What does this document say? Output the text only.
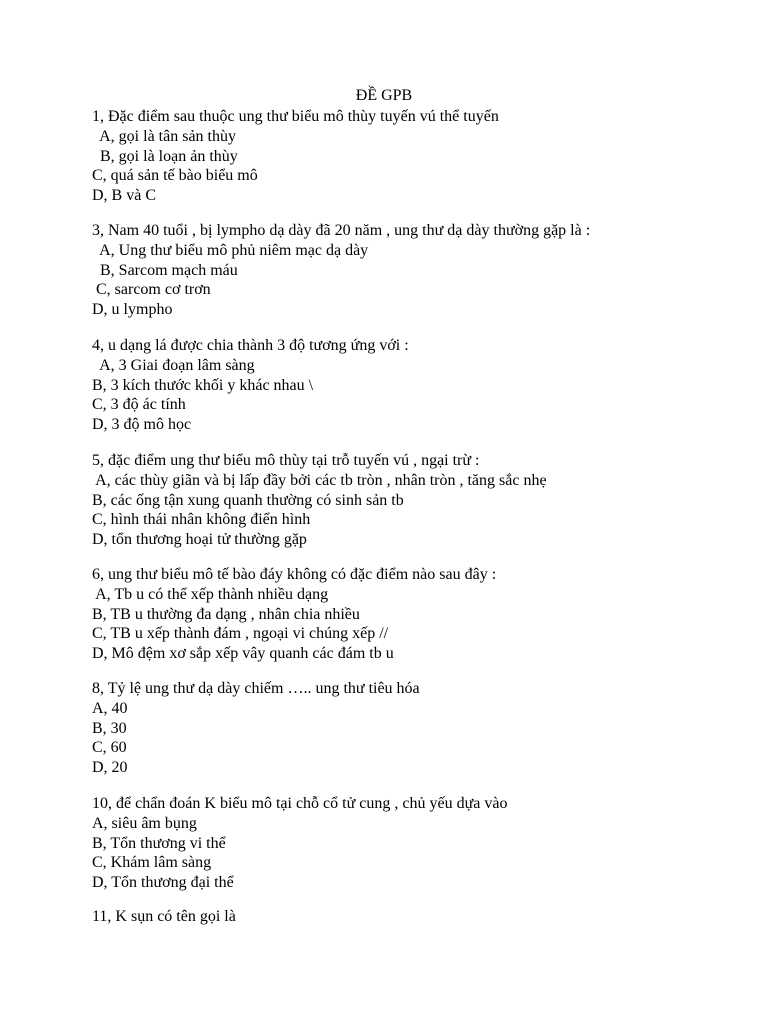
ĐỀ GPB
1, Đặc điểm sau thuộc ung thư biểu mô thùy tuyến vú thể tuyến
A, gọi là tân sản thùy
B, gọi là loạn ản thùy
C, quá sản tế bào biểu mô
D, B và C
3, Nam 40 tuổi , bị lympho dạ dày đã 20 năm , ung thư dạ dày thường gặp là :
A, Ung thư biểu mô phủ niêm mạc dạ dày
B, Sarcom mạch máu
C, sarcom cơ trơn
D, u lympho
4, u dạng lá được chia thành 3 độ tương ứng với :
A, 3 Giai đoạn lâm sàng
B, 3 kích thước khối y khác nhau \
C, 3 độ ác tính
D, 3 độ mô học
5, đặc điểm ung thư biểu mô thùy tại trỗ tuyến vú , ngại trừ :
A, các thùy giãn và bị lấp đầy bởi các tb tròn , nhân tròn , tăng sắc nhẹ
B, các ống tận xung quanh thường có sinh sản tb
C, hình thái nhân không điển hình
D, tổn thương hoại tử thường gặp
6, ung thư biểu mô tế bào đáy không có đặc điểm nào sau đây :
A, Tb u có thể xếp thành nhiều dạng
B, TB u thường đa dạng , nhân chia nhiều
C, TB u xếp thành đám , ngoại vi chúng xếp //
D, Mô đệm xơ sắp xếp vây quanh các đám tb u
8, Tỷ lệ ung thư dạ dày chiếm ….. ung thư tiêu hóa
A, 40
B, 30
C, 60
D, 20
10, để chẩn đoán K biểu mô tại chỗ cổ tử cung , chủ yếu dựa vào
A, siêu âm bụng
B, Tổn thương vi thể
C, Khám lâm sàng
D, Tổn thương đại thể
11, K sụn có tên gọi là
